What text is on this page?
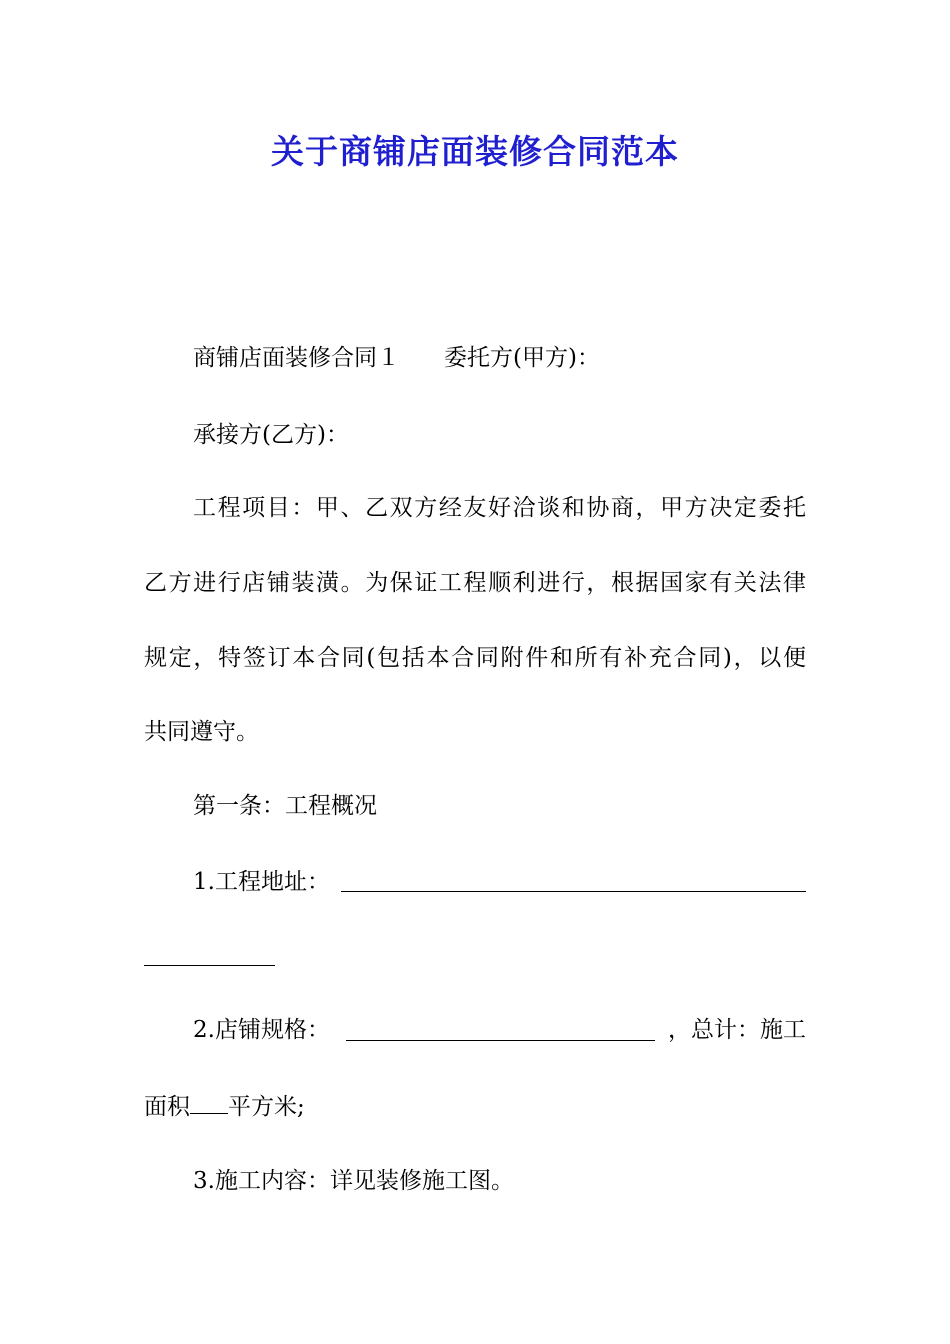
关于商铺店面装修合同范本
商铺店面装修合同１ 委托方(甲方)：
承接方(乙方)：
工程项目：甲、乙双方经友好洽谈和协商，甲方决定委托
乙方进行店铺装潢。为保证工程顺利进行，根据国家有关法律
规定，特签订本合同(包括本合同附件和所有补充合同)，以便
共同遵守。
第一条：工程概况
1.工程地址：
2.店铺规格：	，总计：施工
面积 平方米;
3.施工内容：详见装修施工图。
